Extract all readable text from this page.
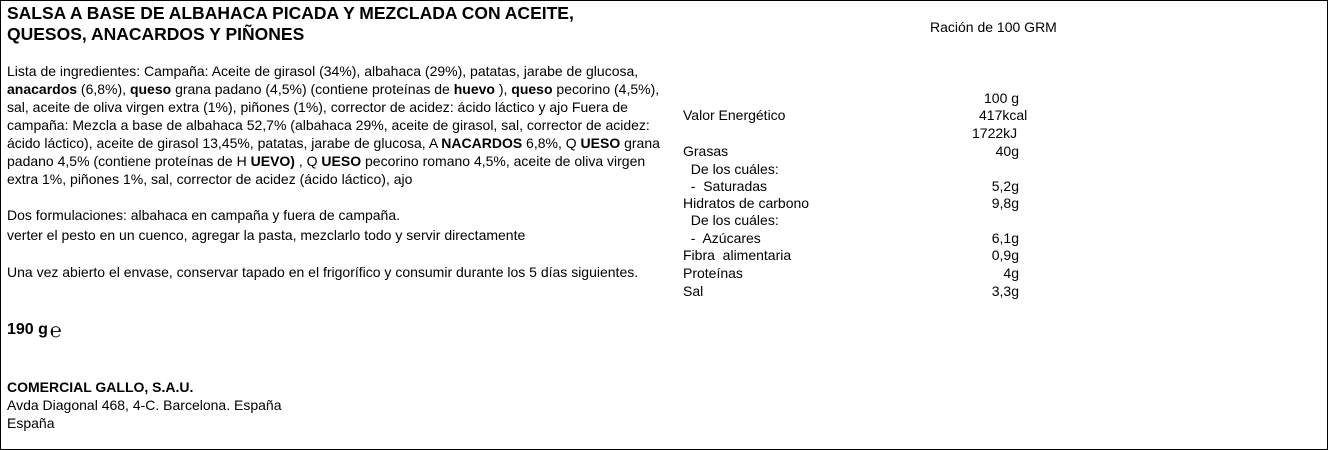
SALSA A BASE DE ALBAHACA PICADA Y MEZCLADA CON ACEITE,
QUESOS, ANACARDOS Y PIÑONES	Ración de 100 GRM
Lista de ingredientes: Campaña: Aceite de girasol (34%), albahaca (29%), patatas, jarabe de glucosa, anacardos (6,8%), queso grana padano (4,5%) (contiene proteínas de huevo ), queso pecorino (4,5%), sal, aceite de oliva virgen extra (1%), piñones (1%), corrector de acidez: ácido láctico y ajo Fuera de campaña: Mezcla a base de albahaca 52,7% (albahaca 29%, aceite de girasol, sal, corrector de acidez: ácido láctico), aceite de girasol 13,45%, patatas, jarabe de glucosa, A NACARDOS 6,8%, Q UESO grana padano 4,5% (contiene proteínas de H UEVO) , Q UESO pecorino romano 4,5%, aceite de oliva virgen extra 1%, piñones 1%, sal, corrector de acidez (ácido láctico), ajo
Dos formulaciones: albahaca en campaña y fuera de campaña.
verter el pesto en un cuenco, agregar la pasta, mezclarlo todo y servir directamente
Una vez abierto el envase, conservar tapado en el frigorífico y consumir durante los 5 días siguientes.
190 g ℮
COMERCIAL GALLO, S.A.U.
Avda Diagonal 468, 4-C. Barcelona. España
España
100 g
Valor Energético	417kcal
1722kJ
Grasas	40g
De los cuáles:
-  Saturadas	5,2g
Hidratos de carbono	9,8g
De los cuáles:
-  Azúcares	6,1g
Fibra  alimentaria	0,9g
Proteínas	4g
Sal	3,3g
